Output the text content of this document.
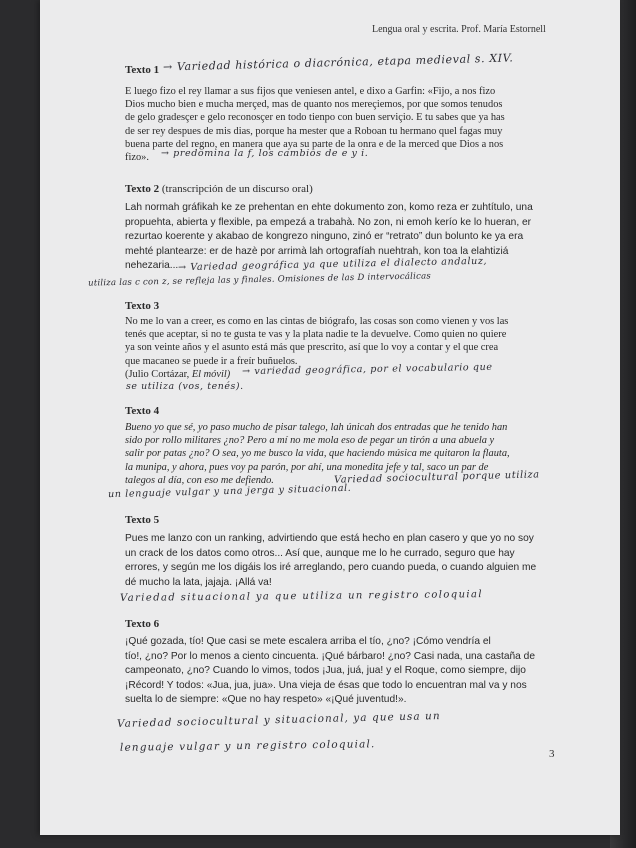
Lengua oral y escrita. Prof. María Estornell
Texto 1 → Variedad histórica o diacrónica, etapa medieval s. XIV.
E luego fizo el rey llamar a sus fijos que veniesen antel, e dixo a Garfin: «Fijo, a nos fizo
Dios mucho bien e mucha merçed, mas de quanto nos mereçiemos, por que somos tenudos
de gelo gradesçer e gelo reconosçer en todo tienpo con buen serviçio. E tu sabes que ya has
de ser rey despues de mis dias, porque ha mester que a Roboan tu hermano quel fagas muy
buena parte del regno, en manera que aya su parte de la onra e de la merced que Dios a nos
fizo».	→ predomina la f, los cambios de e y i.
Texto 2 (transcripción de un discurso oral)
Lah normah gráfikah ke ze prehentan en ehte dokumento zon, komo reza er zuhtítulo, una
propuehta, abierta y flexible, pa empezá a trabahà. No zon, ni emoh kerío ke lo hueran, er
rezurtao koerente y akabao de kongrezo ninguno, zinó er “retrato” dun bolunto ke ya era
mehté plantearze: er de hazè por arrimà lah ortografíah nuehtrah, kon toa la elahtiziá
nehezaria... → Variedad geográfica ya que utiliza el dialecto andaluz,
utiliza las c con z, se refleja las y finales. Omisiones de las D intervocálicas
Texto 3
No me lo van a creer, es como en las cintas de biógrafo, las cosas son como vienen y vos las
tenés que aceptar, si no te gusta te vas y la plata nadie te la devuelve. Como quien no quiere
ya son veinte años y el asunto está más que prescrito, así que lo voy a contar y el que crea
que macaneo se puede ir a freír buñuelos.
(Julio Cortázar, El móvil)	→ variedad geográfica, por el vocabulario que
se utiliza (vos, tenés).
Texto 4
Bueno yo que sé, yo paso mucho de pisar talego, lah únicah dos entradas que he tenido han
sido por rollo militares ¿no? Pero a mí no me mola eso de pegar un tirón a una abuela y
salir por patas ¿no? O sea, yo me busco la vida, que haciendo música me quitaron la flauta,
la munipa, y ahora, pues voy pa parón, por ahí, una monedita jefe y tal, saco un par de
talegos al día, con eso me defiendo.	Variedad sociocultural porque utiliza
un lenguaje vulgar y una jerga y situacional.
Texto 5
Pues me lanzo con un ranking, advirtiendo que está hecho en plan casero y que yo no soy
un crack de los datos como otros... Así que, aunque me lo he currado, seguro que hay
errores, y según me los digáis los iré arreglando, pero cuando pueda, o cuando alguien me
dé mucho la lata, jajaja. ¡Allá va!
Variedad situacional ya que utiliza un registro coloquial
Texto 6
¡Qué gozada, tío! Que casi se mete escalera arriba el tío, ¿no? ¡Cómo vendría el
tío!, ¿no? Por lo menos a ciento cincuenta. ¡Qué bárbaro! ¿no? Casi nada, una castaña de
campeonato, ¿no? Cuando lo vimos, todos ¡Jua, juá, jua! y el Roque, como siempre, dijo
¡Récord! Y todos: «Jua, jua, jua». Una vieja de ésas que todo lo encuentran mal va y nos
suelta lo de siempre: «Que no hay respeto» «¡Qué juventud!».
Variedad sociocultural y situacional, ya que usa un
lenguaje vulgar y un registro coloquial.
3
